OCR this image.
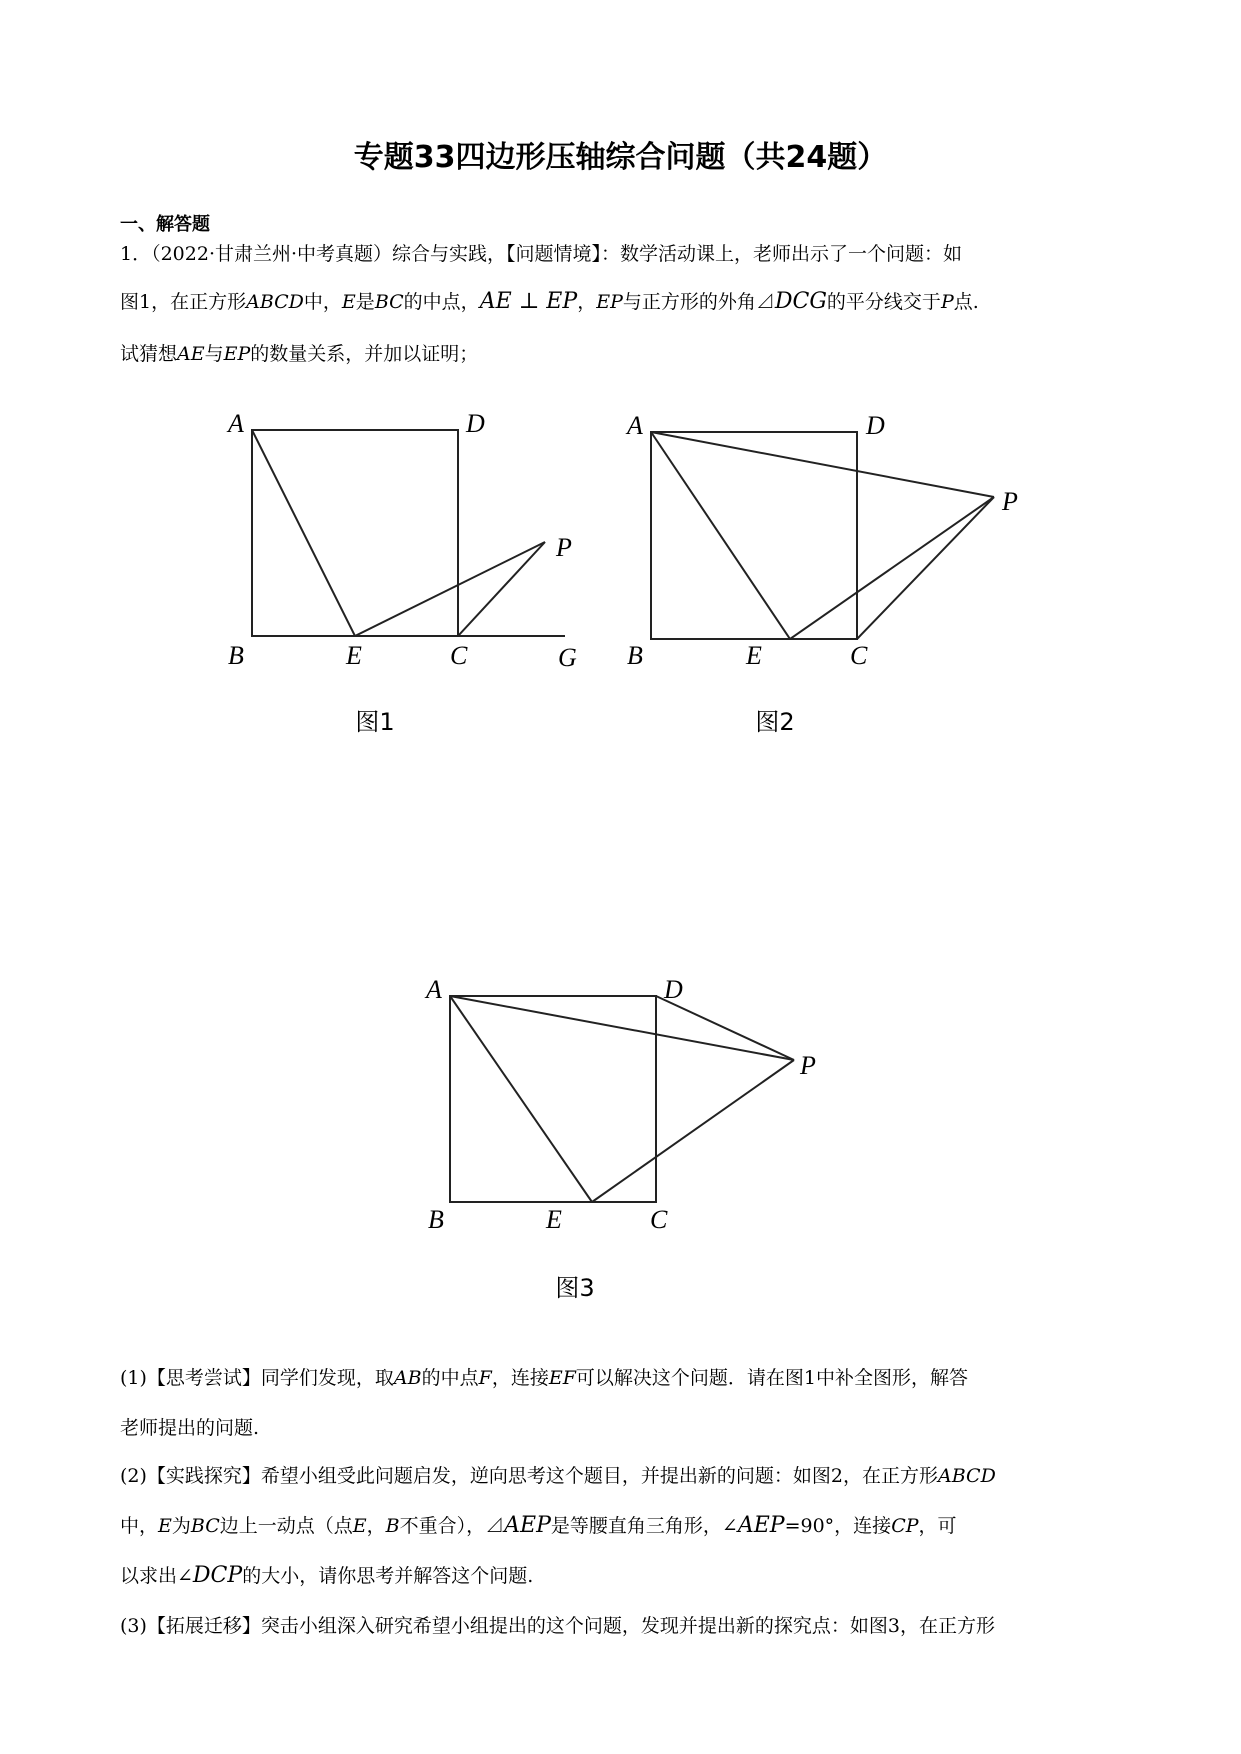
专题33四边形压轴综合问题（共24题）
一、解答题
1．（2022·甘肃兰州·中考真题）综合与实践，【问题情境】：数学活动课上，老师出示了一个问题：如
图1，在正方形ABCD中，E是BC的中点，AE ⊥ EP，EP与正方形的外角⊿DCG的平分线交于P点.
试猜想AE与EP的数量关系，并加以证明；
A	D
B	E	C
P
G
A	D
B	E	C
P
A	D
B	E	C
P
图1	图2
图3
(1)【思考尝试】同学们发现，取AB的中点F，连接EF可以解决这个问题．请在图1中补全图形，解答
老师提出的问题.
(2)【实践探究】希望小组受此问题启发，逆向思考这个题目，并提出新的问题：如图2，在正方形ABCD
中，E为BC边上一动点（点E，B不重合），⊿AEP是等腰直角三角形，∠AEP=90°，连接CP，可
以求出∠DCP的大小，请你思考并解答这个问题.
(3)【拓展迁移】突击小组深入研究希望小组提出的这个问题，发现并提出新的探究点：如图3，在正方形
